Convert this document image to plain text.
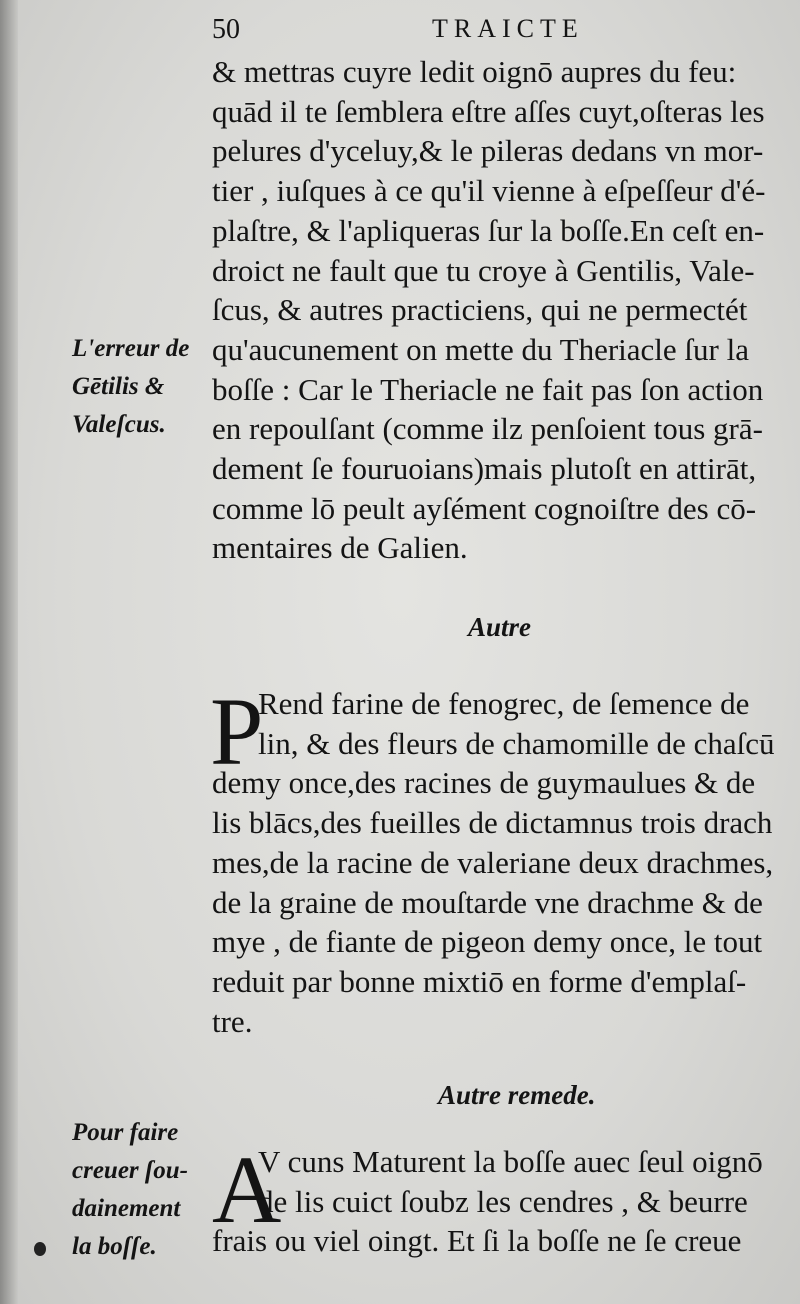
50	TRAICTE
& mettras cuyre ledit oignō aupres du feu:
quād il te ſemblera eſtre aſſes cuyt,oſteras les
pelures d'yceluy,& le pileras dedans vn mor-
tier , iuſques à ce qu'il vienne à eſpeſſeur d'é-
plaſtre, & l'apliqueras ſur la boſſe.En ceſt en-
droict ne fault que tu croye à Gentilis, Vale-
ſcus, & autres practiciens, qui ne permectét
qu'aucunement on mette du Theriacle ſur la
boſſe : Car le Theriacle ne fait pas ſon action
en repoulſant (comme ilz penſoient tous grā-
dement ſe fouruoians)mais plutoſt en attirāt,
comme lō peult ayſément cognoiſtre des cō-
mentaires de Galien.
L'erreur de
Gētilis &
Valeſcus.
Autre
P
Rend farine de fenogrec, de ſemence de
lin, & des fleurs de chamomille de chaſcū
demy once,des racines de guymaulues & de
lis blācs,des fueilles de dictamnus trois drach
mes,de la racine de valeriane deux drachmes,
de la graine de mouſtarde vne drachme & de
mye , de fiante de pigeon demy once, le tout
reduit par bonne mixtiō en forme d'emplaſ-
tre.
Autre remede.
A
V cuns Maturent la boſſe auec ſeul oignō
de lis cuict ſoubz les cendres , & beurre
frais ou viel oingt. Et ſi la boſſe ne ſe creue
Pour faire
creuer ſou-
dainement
la boſſe.
